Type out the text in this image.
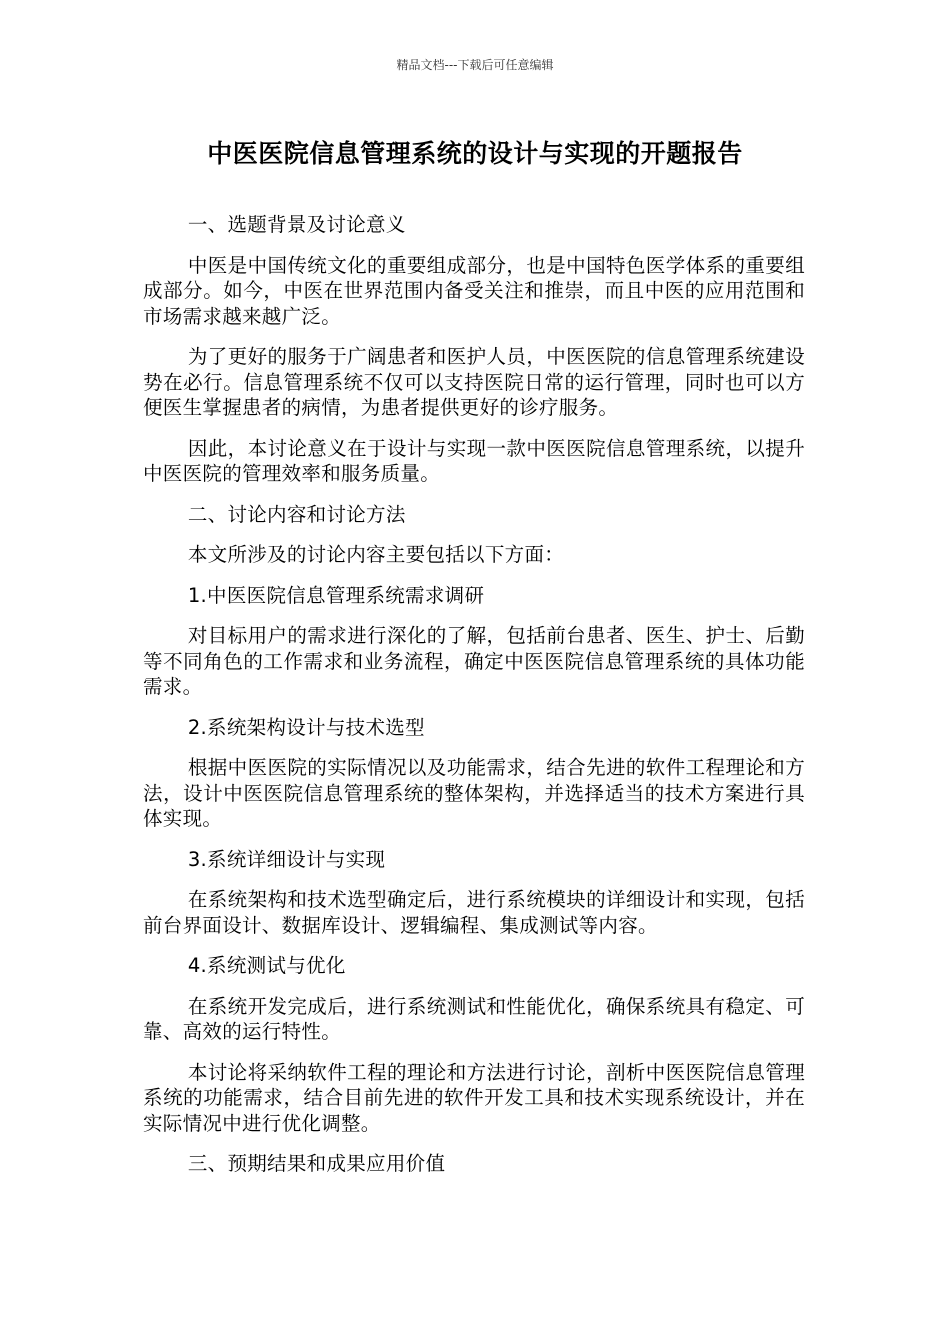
精品文档---下载后可任意编辑
中医医院信息管理系统的设计与实现的开题报告

一、选题背景及讨论意义

中医是中国传统文化的重要组成部分，也是中国特色医学体系的重要组成部分。如今，中医在世界范围内备受关注和推崇，而且中医的应用范围和市场需求越来越广泛。

为了更好的服务于广阔患者和医护人员，中医医院的信息管理系统建设势在必行。信息管理系统不仅可以支持医院日常的运行管理，同时也可以方便医生掌握患者的病情，为患者提供更好的诊疗服务。

因此，本讨论意义在于设计与实现一款中医医院信息管理系统，以提升中医医院的管理效率和服务质量。

二、讨论内容和讨论方法

本文所涉及的讨论内容主要包括以下方面：

1.中医医院信息管理系统需求调研

对目标用户的需求进行深化的了解，包括前台患者、医生、护士、后勤等不同角色的工作需求和业务流程，确定中医医院信息管理系统的具体功能需求。

2.系统架构设计与技术选型

根据中医医院的实际情况以及功能需求，结合先进的软件工程理论和方法，设计中医医院信息管理系统的整体架构，并选择适当的技术方案进行具体实现。

3.系统详细设计与实现

在系统架构和技术选型确定后，进行系统模块的详细设计和实现，包括前台界面设计、数据库设计、逻辑编程、集成测试等内容。

4.系统测试与优化

在系统开发完成后，进行系统测试和性能优化，确保系统具有稳定、可靠、高效的运行特性。

本讨论将采纳软件工程的理论和方法进行讨论，剖析中医医院信息管理系统的功能需求，结合目前先进的软件开发工具和技术实现系统设计，并在实际情况中进行优化调整。

三、预期结果和成果应用价值
